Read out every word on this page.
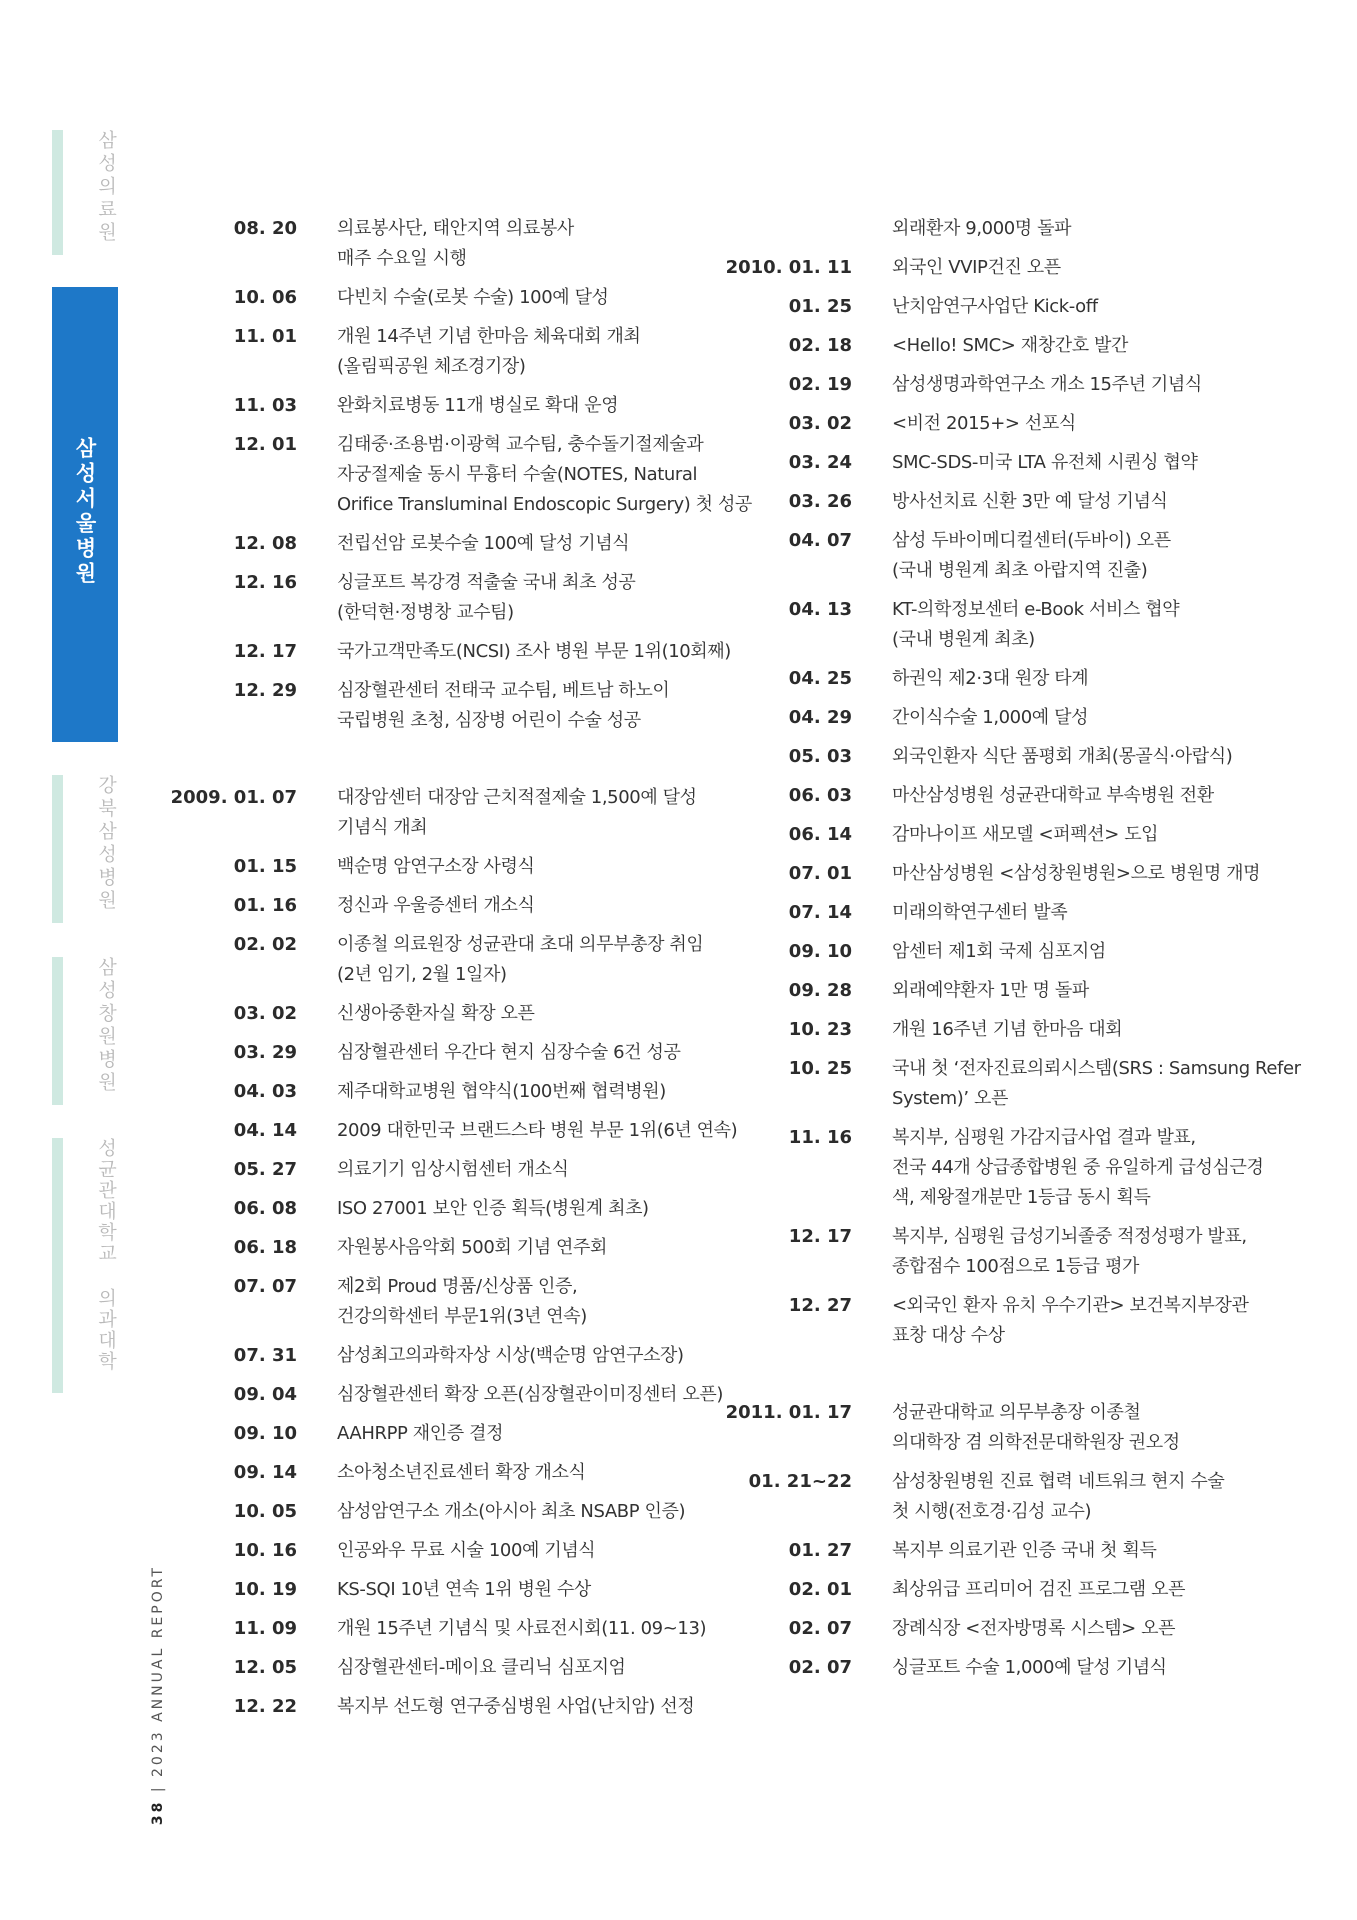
삼성의료원
삼성서울병원
강북삼성병원
삼성창원병원
성균관대학교 의과대학
38 | 2023 ANNUAL REPORT
08. 20 의료봉사단, 태안지역 의료봉사
매주 수요일 시행
10. 06 다빈치 수술(로봇 수술) 100예 달성
11. 01 개원 14주년 기념 한마음 체육대회 개최
(올림픽공원 체조경기장)
11. 03 완화치료병동 11개 병실로 확대 운영
12. 01 김태중·조용범·이광혁 교수팀, 충수돌기절제술과
자궁절제술 동시 무흉터 수술(NOTES, Natural
Orifice Transluminal Endoscopic Surgery) 첫 성공
12. 08 전립선암 로봇수술 100예 달성 기념식
12. 16 싱글포트 복강경 적출술 국내 최초 성공
(한덕현·정병창 교수팀)
12. 17 국가고객만족도(NCSI) 조사 병원 부문 1위(10회째)
12. 29 심장혈관센터 전태국 교수팀, 베트남 하노이
국립병원 초청, 심장병 어린이 수술 성공
2009. 01. 07 대장암센터 대장암 근치적절제술 1,500예 달성
기념식 개최
01. 15 백순명 암연구소장 사령식
01. 16 정신과 우울증센터 개소식
02. 02 이종철 의료원장 성균관대 초대 의무부총장 취임
(2년 임기, 2월 1일자)
03. 02 신생아중환자실 확장 오픈
03. 29 심장혈관센터 우간다 현지 심장수술 6건 성공
04. 03 제주대학교병원 협약식(100번째 협력병원)
04. 14 2009 대한민국 브랜드스타 병원 부문 1위(6년 연속)
05. 27 의료기기 임상시험센터 개소식
06. 08 ISO 27001 보안 인증 획득(병원계 최초)
06. 18 자원봉사음악회 500회 기념 연주회
07. 07 제2회 Proud 명품/신상품 인증,
건강의학센터 부문1위(3년 연속)
07. 31 삼성최고의과학자상 시상(백순명 암연구소장)
09. 04 심장혈관센터 확장 오픈(심장혈관이미징센터 오픈)
09. 10 AAHRPP 재인증 결정
09. 14 소아청소년진료센터 확장 개소식
10. 05 삼성암연구소 개소(아시아 최초 NSABP 인증)
10. 16 인공와우 무료 시술 100예 기념식
10. 19 KS-SQI 10년 연속 1위 병원 수상
11. 09 개원 15주년 기념식 및 사료전시회(11. 09~13)
12. 05 심장혈관센터-메이요 클리닉 심포지엄
12. 22 복지부 선도형 연구중심병원 사업(난치암) 선정
외래환자 9,000명 돌파
2010. 01. 11 외국인 VVIP건진 오픈
01. 25 난치암연구사업단 Kick-off
02. 18 <Hello! SMC> 재창간호 발간
02. 19 삼성생명과학연구소 개소 15주년 기념식
03. 02 <비전 2015+> 선포식
03. 24 SMC-SDS-미국 LTA 유전체 시퀀싱 협약
03. 26 방사선치료 신환 3만 예 달성 기념식
04. 07 삼성 두바이메디컬센터(두바이) 오픈
(국내 병원계 최초 아랍지역 진출)
04. 13 KT-의학정보센터 e-Book 서비스 협약
(국내 병원계 최초)
04. 25 하권익 제2·3대 원장 타계
04. 29 간이식수술 1,000예 달성
05. 03 외국인환자 식단 품평회 개최(몽골식·아랍식)
06. 03 마산삼성병원 성균관대학교 부속병원 전환
06. 14 감마나이프 새모델 <퍼펙션> 도입
07. 01 마산삼성병원 <삼성창원병원>으로 병원명 개명
07. 14 미래의학연구센터 발족
09. 10 암센터 제1회 국제 심포지엄
09. 28 외래예약환자 1만 명 돌파
10. 23 개원 16주년 기념 한마음 대회
10. 25 국내 첫 ‘전자진료의뢰시스템(SRS : Samsung Refer
System)’ 오픈
11. 16 복지부, 심평원 가감지급사업 결과 발표,
전국 44개 상급종합병원 중 유일하게 급성심근경
색, 제왕절개분만 1등급 동시 획득
12. 17 복지부, 심평원 급성기뇌졸중 적정성평가 발표,
종합점수 100점으로 1등급 평가
12. 27 <외국인 환자 유치 우수기관> 보건복지부장관
표창 대상 수상
2011. 01. 17 성균관대학교 의무부총장 이종철
의대학장 겸 의학전문대학원장 권오정
01. 21~22 삼성창원병원 진료 협력 네트워크 현지 수술
첫 시행(전호경·김성 교수)
01. 27 복지부 의료기관 인증 국내 첫 획득
02. 01 최상위급 프리미어 검진 프로그램 오픈
02. 07 장례식장 <전자방명록 시스템> 오픈
02. 07 싱글포트 수술 1,000예 달성 기념식
